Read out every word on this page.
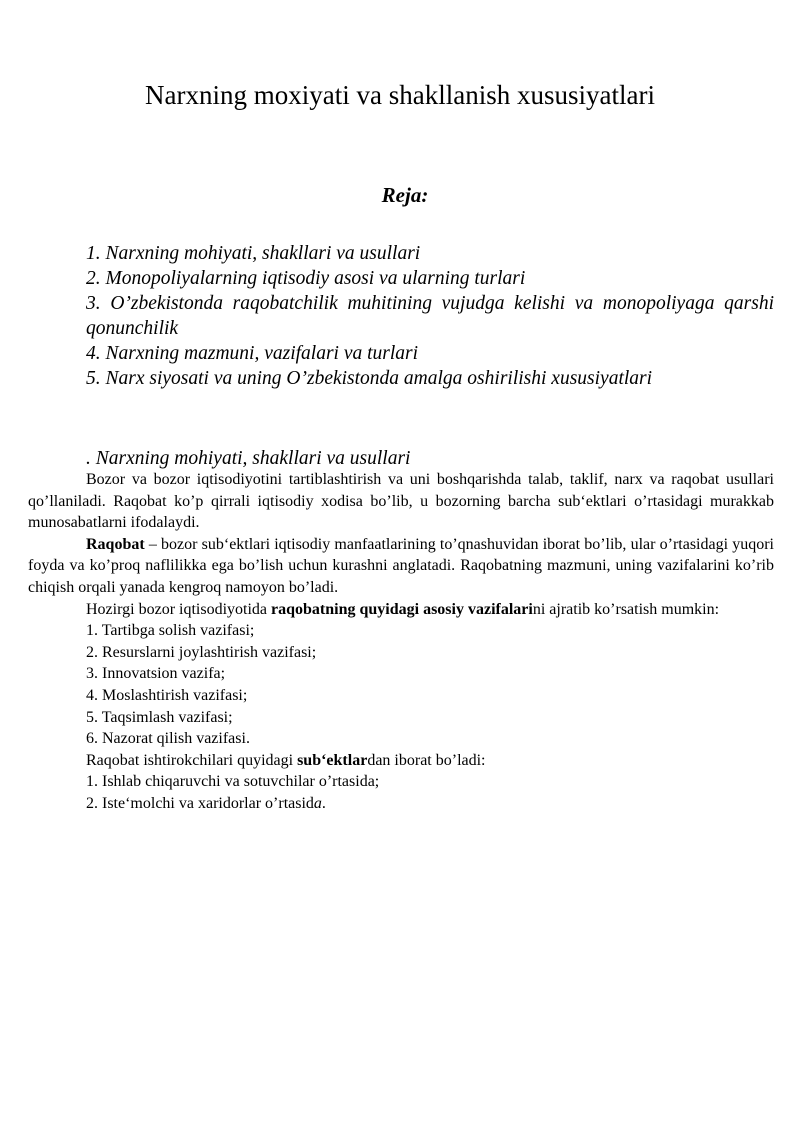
Narxning moxiyati va shakllanish xususiyatlari
Reja:
1. Narxning mohiyati, shakllari va usullari
2. Monopoliyalarning iqtisodiy asosi va ularning turlari
3. O’zbekistonda raqobatchilik muhitining vujudga kelishi va monopoliyaga qarshi qonunchilik
4. Narxning mazmuni, vazifalari va turlari
5. Narx siyosati va uning O’zbekistonda amalga oshirilishi xususiyatlari
. Narxning mohiyati, shakllari va usullari

Bozor va bozor iqtisodiyotini tartiblashtirish va uni boshqarishda talab, taklif, narx va raqobat usullari qo’llaniladi. Raqobat ko’p qirrali iqtisodiy xodisa bo’lib, u bozorning barcha sub‘ektlari o’rtasidagi murakkab munosabatlarni ifodalaydi.

Raqobat – bozor sub‘ektlari iqtisodiy manfaatlarining to’qnashuvidan iborat bo’lib, ular o’rtasidagi yuqori foyda va ko’proq naflilikka ega bo’lish uchun kurashni anglatadi. Raqobatning mazmuni, uning vazifalarini ko’rib chiqish orqali yanada kengroq namoyon bo’ladi.

Hozirgi bozor iqtisodiyotida raqobatning quyidagi asosiy vazifalarini ajratib ko’rsatish mumkin:

1. Tartibga solish vazifasi;
2. Resurslarni joylashtirish vazifasi;
3. Innovatsion vazifa;
4. Moslashtirish vazifasi;
5. Taqsimlash vazifasi;
6. Nazorat qilish vazifasi.
Raqobat ishtirokchilari quyidagi sub‘ektlardan iborat bo’ladi:
1. Ishlab chiqaruvchi va sotuvchilar o’rtasida;
2. Iste‘molchi va xaridorlar o’rtasida.
